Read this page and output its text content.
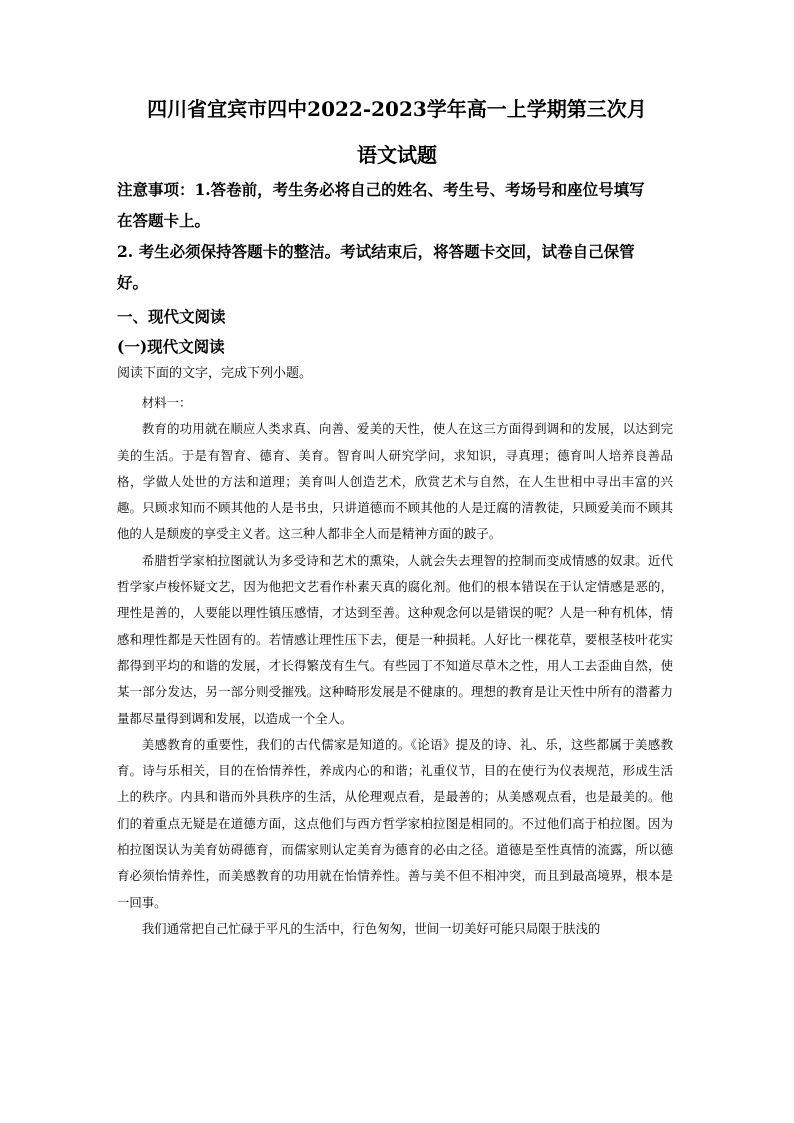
四川省宜宾市四中2022-2023学年高一上学期第三次月
语文试题
注意事项：1.答卷前，考生务必将自己的姓名、考生号、考场号和座位号填写
在答题卡上。
2. 考生必须保持答题卡的整洁。考试结束后，将答题卡交回，试卷自己保管
好。
一、现代文阅读
(一)现代文阅读
阅读下面的文字，完成下列小题。

材料一：

教育的功用就在顺应人类求真、向善、爱美的天性，使人在这三方面得到调和的发展，以达到完美的生活。于是有智育、德育、美育。智育叫人研究学问，求知识，寻真理；德育叫人培养良善品格，学做人处世的方法和道理；美育叫人创造艺术，欣赏艺术与自然，在人生世相中寻出丰富的兴趣。只顾求知而不顾其他的人是书虫，只讲道德而不顾其他的人是迂腐的清教徒，只顾爱美而不顾其他的人是颓废的享受主义者。这三种人都非全人而是精神方面的跛子。

希腊哲学家柏拉图就认为多受诗和艺术的熏染，人就会失去理智的控制而变成情感的奴隶。近代哲学家卢梭怀疑文艺，因为他把文艺看作朴素天真的腐化剂。他们的根本错误在于认定情感是恶的，理性是善的，人要能以理性镇压感情，才达到至善。这种观念何以是错误的呢？人是一种有机体，情感和理性都是天性固有的。若情感让理性压下去，便是一种损耗。人好比一棵花草，要根茎枝叶花实都得到平均的和谐的发展，才长得繁茂有生气。有些园丁不知道尽草木之性，用人工去歪曲自然，使某一部分发达，另一部分则受摧残。这种畸形发展是不健康的。理想的教育是让天性中所有的潜蓄力量都尽量得到调和发展，以造成一个全人。

美感教育的重要性，我们的古代儒家是知道的。《论语》提及的诗、礼、乐，这些都属于美感教育。诗与乐相关，目的在怡情养性，养成内心的和谐；礼重仪节，目的在使行为仪表规范，形成生活上的秩序。内具和谐而外具秩序的生活，从伦理观点看，是最善的；从美感观点看，也是最美的。他们的着重点无疑是在道德方面，这点他们与西方哲学家柏拉图是相同的。不过他们高于柏拉图。因为柏拉图误认为美育妨碍德育，而儒家则认定美育为德育的必由之径。道德是至性真情的流露，所以德育必须怡情养性，而美感教育的功用就在怡情养性。善与美不但不相冲突，而且到最高境界，根本是一回事。

我们通常把自己忙碌于平凡的生活中，行色匆匆，世间一切美好可能只局限于肤浅的
